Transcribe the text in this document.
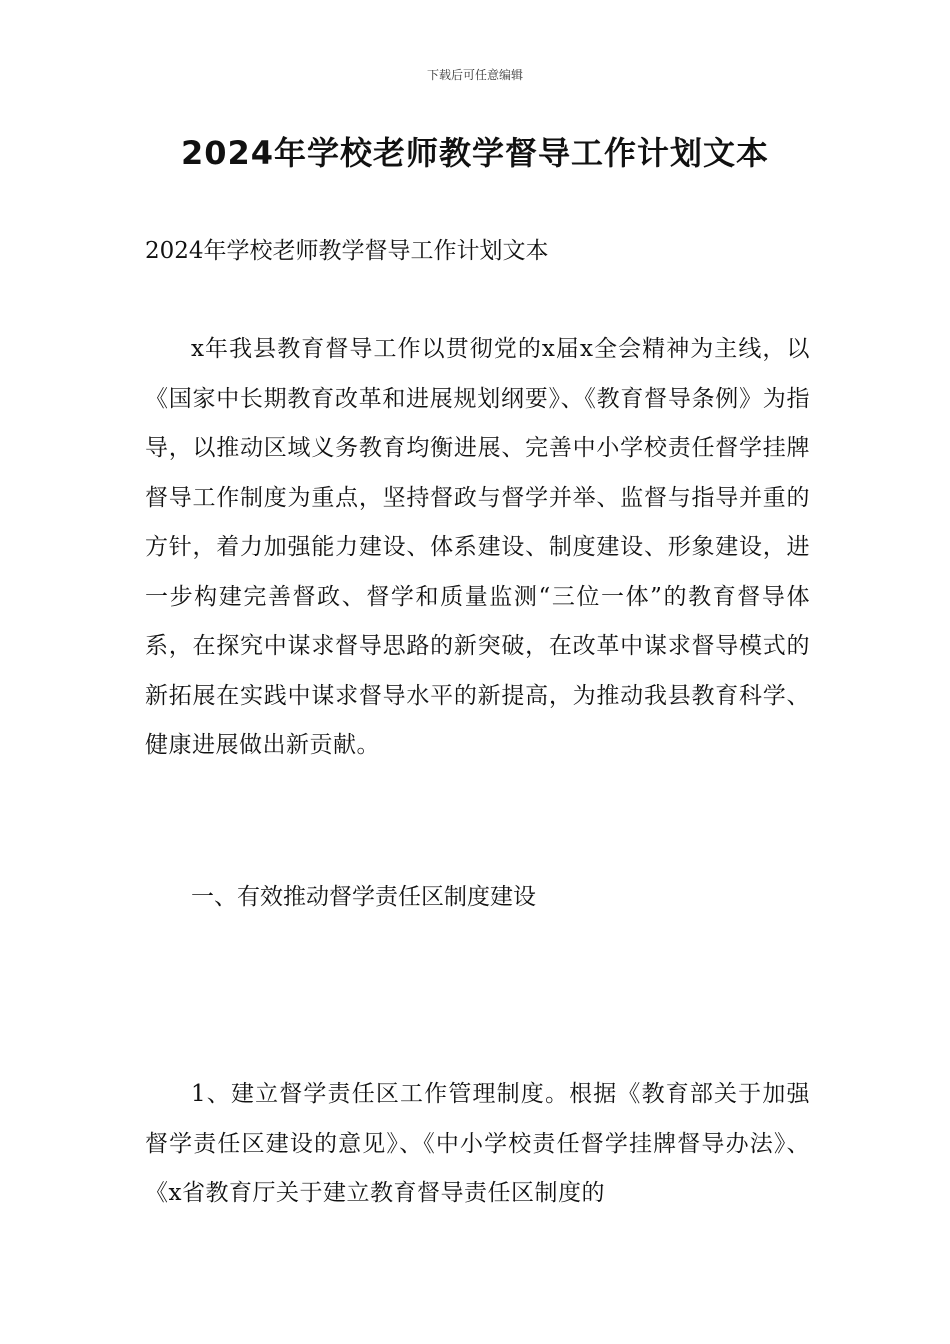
下载后可任意编辑
2024年学校老师教学督导工作计划文本
2024年学校老师教学督导工作计划文本

x年我县教育督导工作以贯彻党的x届x全会精神为主线，以《国家中长期教育改革和进展规划纲要》、《教育督导条例》为指导，以推动区域义务教育均衡进展、完善中小学校责任督学挂牌督导工作制度为重点，坚持督政与督学并举、监督与指导并重的方针，着力加强能力建设、体系建设、制度建设、形象建设，进一步构建完善督政、督学和质量监测“三位一体”的教育督导体系，在探究中谋求督导思路的新突破，在改革中谋求督导模式的新拓展在实践中谋求督导水平的新提高，为推动我县教育科学、健康进展做出新贡献。

一、有效推动督学责任区制度建设

1、建立督学责任区工作管理制度。根据《教育部关于加强督学责任区建设的意见》、《中小学校责任督学挂牌督导办法》、《x省教育厅关于建立教育督导责任区制度的
